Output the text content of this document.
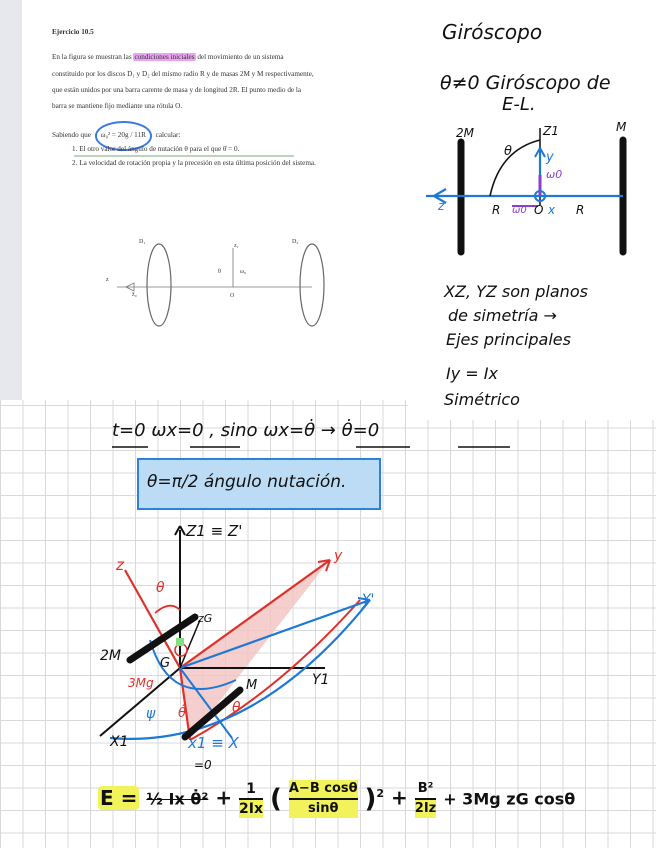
Ejercicio 10.5
En la figura se muestran las condiciones iniciales del movimiento de un sistema
constituido por los discos D₁ y D₂ del mismo radio R y de masas 2M y M respectivamente,
que están unidos por una barra carente de masa y de longitud 2R. El punto medio de la
barra se mantiene fijo mediante una rótula O.
Sabiendo que ω₀² = 20g / 11R calcular:
1. El otro valor del ángulo de nutación θ para el que θ̇ = 0.
2. La velocidad de rotación propia y la precesión en esta última posición del sistema.
D₁	D₂
z₁
z
z̄₀
θ	ω₀
O
Giróscopo
θ≠0 Giróscopo de
E-L.
2M	Z1	M
θ	y
ω0
z	R ω0 O x R
XZ, YZ son planos
de simetría →
Ejes principales
Iy = Ix
Simétrico
t=0 ωx=0 , sino ωx=θ̇ → θ̇=0
θ=π/2 ángulo nutación.
Z1 ≡ Z'
z
θ
zG
2M	G
3Mg
ψ θ̇
M
θ
y
Y'
Y1
X1	x1 ≡ X
E = ½ Ix θ̇² + $\frac{1}{2Ix}$ ( $\frac{\text{A−B cosθ}}{\sin\theta} )^2 + \frac{\text{B²}}{2Iz} + 3Mg$ zG cosθ
=0
